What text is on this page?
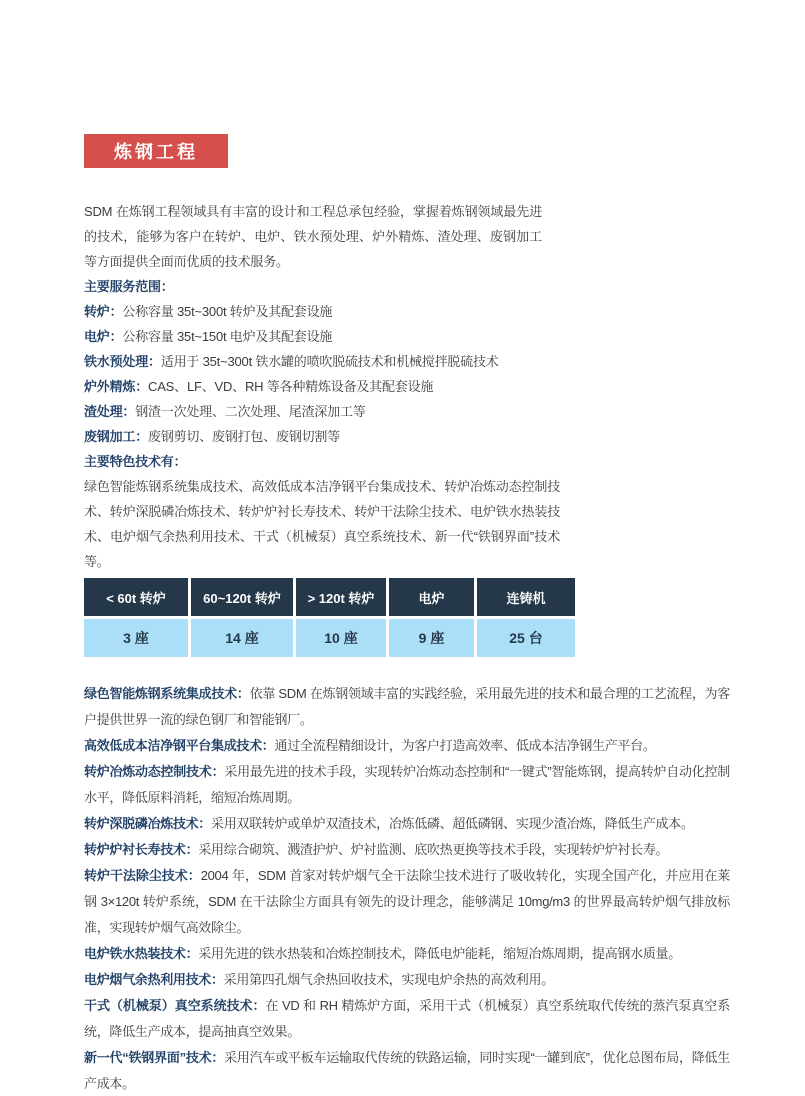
炼钢工程

SDM 在炼钢工程领域具有丰富的设计和工程总承包经验，掌握着炼钢领域最先进的技术，能够为客户在转炉、电炉、铁水预处理、炉外精炼、渣处理、废钢加工等方面提供全面而优质的技术服务。

主要服务范围：
转炉：公称容量 35t~300t 转炉及其配套设施
电炉：公称容量 35t~150t 电炉及其配套设施
铁水预处理：适用于 35t~300t 铁水罐的喷吹脱硫技术和机械搅拌脱硫技术
炉外精炼：CAS、LF、VD、RH 等各种精炼设备及其配套设施
渣处理：钢渣一次处理、二次处理、尾渣深加工等
废钢加工：废钢剪切、废钢打包、废钢切割等
主要特色技术有：

绿色智能炼钢系统集成技术、高效低成本洁净钢平台集成技术、转炉冶炼动态控制技术、转炉深脱磷冶炼技术、转炉炉衬长寿技术、转炉干法除尘技术、电炉铁水热装技术、电炉烟气余热利用技术、干式（机械泵）真空系统技术、新一代“铁钢界面”技术等。

< 60t 转炉
3 座
60~120t 转炉
14 座
> 120t 转炉
10 座
电炉
9 座
连铸机
25 台

绿色智能炼钢系统集成技术：依靠 SDM 在炼钢领域丰富的实践经验，采用最先进的技术和最合理的工艺流程，为客户提供世界一流的绿色钢厂和智能钢厂。

高效低成本洁净钢平台集成技术：通过全流程精细设计，为客户打造高效率、低成本洁净钢生产平台。

转炉冶炼动态控制技术：采用最先进的技术手段，实现转炉冶炼动态控制和“一键式”智能炼钢，提高转炉自动化控制水平，降低原料消耗，缩短冶炼周期。

转炉深脱磷冶炼技术：采用双联转炉或单炉双渣技术，冶炼低磷、超低磷钢、实现少渣冶炼，降低生产成本。

转炉炉衬长寿技术：采用综合砌筑、溅渣护炉、炉衬监测、底吹热更换等技术手段，实现转炉炉衬长寿。

转炉干法除尘技术：2004 年，SDM 首家对转炉烟气全干法除尘技术进行了吸收转化，实现全国产化，并应用在莱钢 3×120t 转炉系统，SDM 在干法除尘方面具有领先的设计理念，能够满足 10mg/m3 的世界最高转炉烟气排放标准，实现转炉烟气高效除尘。

电炉铁水热装技术：采用先进的铁水热装和冶炼控制技术，降低电炉能耗，缩短冶炼周期，提高钢水质量。

电炉烟气余热利用技术：采用第四孔烟气余热回收技术，实现电炉余热的高效利用。

干式（机械泵）真空系统技术：在 VD 和 RH 精炼炉方面，采用干式（机械泵）真空系统取代传统的蒸汽泵真空系统，降低生产成本，提高抽真空效果。

新一代“铁钢界面”技术：采用汽车或平板车运输取代传统的铁路运输，同时实现“一罐到底”，优化总图布局，降低生产成本。
